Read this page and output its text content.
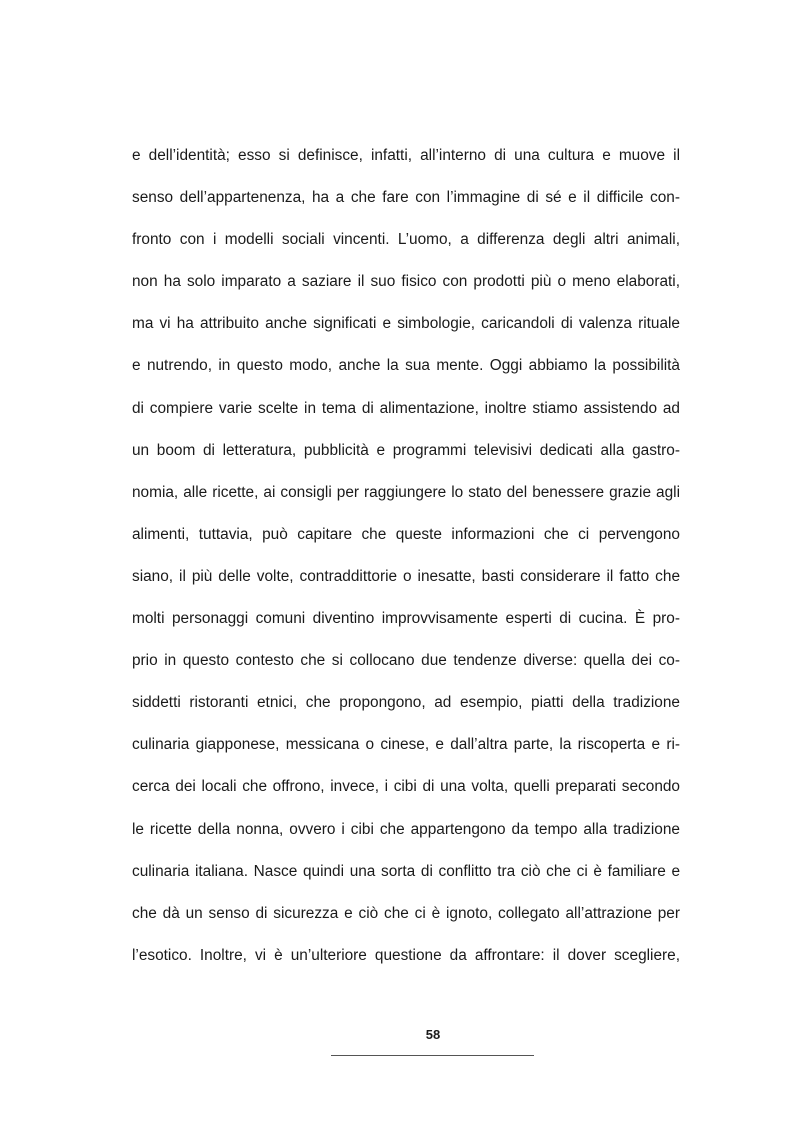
e dell’identità; esso si definisce, infatti, all’interno di una cultura e muove il
senso dell’appartenenza, ha a che fare con l’immagine di sé e il difficile con-
fronto con i modelli sociali vincenti. L’uomo, a differenza degli altri animali,
non ha solo imparato a saziare il suo fisico con prodotti più o meno elaborati,
ma vi ha attribuito anche significati e simbologie, caricandoli di valenza rituale
e nutrendo, in questo modo, anche la sua mente. Oggi abbiamo la possibilità
di compiere varie scelte in tema di alimentazione, inoltre stiamo assistendo ad
un boom di letteratura, pubblicità e programmi televisivi dedicati alla gastro-
nomia, alle ricette, ai consigli per raggiungere lo stato del benessere grazie agli
alimenti, tuttavia, può capitare che queste informazioni che ci pervengono
siano, il più delle volte, contraddittorie o inesatte, basti considerare il fatto che
molti personaggi comuni diventino improvvisamente esperti di cucina. È pro-
prio in questo contesto che si collocano due tendenze diverse: quella dei co-
siddetti ristoranti etnici, che propongono, ad esempio, piatti della tradizione
culinaria giapponese, messicana o cinese, e dall’altra parte, la riscoperta e ri-
cerca dei locali che offrono, invece, i cibi di una volta, quelli preparati secondo
le ricette della nonna, ovvero i cibi che appartengono da tempo alla tradizione
culinaria italiana. Nasce quindi una sorta di conflitto tra ciò che ci è familiare e
che dà un senso di sicurezza e ciò che ci è ignoto, collegato all’attrazione per
l’esotico. Inoltre, vi è un’ulteriore questione da affrontare: il dover scegliere,
58
